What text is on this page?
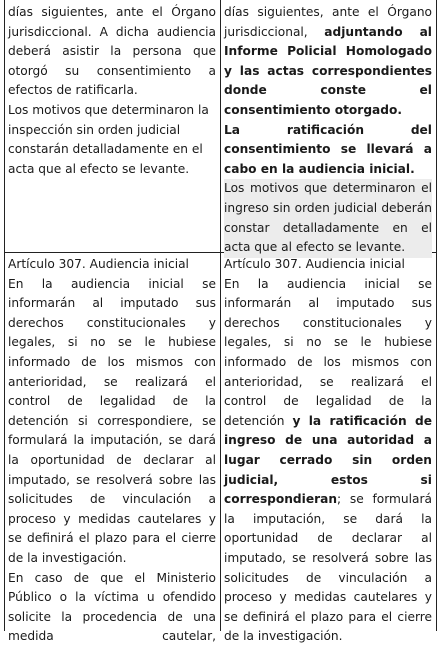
días siguientes, ante el Órgano jurisdiccional. A dicha audiencia deberá asistir la persona que otorgó su consentimiento a efectos de ratificarla.

Los motivos que determinaron la inspección sin orden judicial constarán detalladamente en el acta que al efecto se levante.

días siguientes, ante el Órgano jurisdiccional, adjuntando al Informe Policial Homologado y las actas correspondientes donde conste el consentimiento otorgado.

La ratificación del consentimiento se llevará a cabo en la audiencia inicial.

Los motivos que determinaron el ingreso sin orden judicial deberán constar detalladamente en el acta que al efecto se levante.

Artículo 307. Audiencia inicial

En la audiencia inicial se informarán al imputado sus derechos constitucionales y legales, si no se le hubiese informado de los mismos con anterioridad, se realizará el control de legalidad de la detención si correspondiere, se formulará la imputación, se dará la oportunidad de declarar al imputado, se resolverá sobre las solicitudes de vinculación a proceso y medidas cautelares y se definirá el plazo para el cierre de la investigación.

En caso de que el Ministerio Público o la víctima u ofendido solicite la procedencia de una medida cautelar,

Artículo 307. Audiencia inicial

En la audiencia inicial se informarán al imputado sus derechos constitucionales y legales, si no se le hubiese informado de los mismos con anterioridad, se realizará el control de legalidad de la detención y la ratificación de ingreso de una autoridad a lugar cerrado sin orden judicial, estos si correspondieran; se formulará la imputación, se dará la oportunidad de declarar al imputado, se resolverá sobre las solicitudes de vinculación a proceso y medidas cautelares y se definirá el plazo para el cierre de la investigación.
